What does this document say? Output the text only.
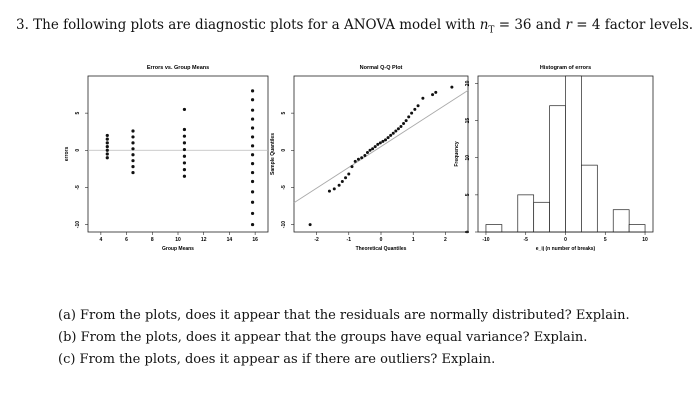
3. The following plots are diagnostic plots for a ANOVA model with $n_T = 36$ and r = 4 factor levels.
Errors vs. Group Means
Group Means
errors
4	6	8	10	12	14	16
-10
-5
0
5
Normal Q-Q Plot
Theoretical Quantiles
Sample Quantiles
-2	-1	0	1	2
-10
-5
0
5
Histogram of errors
e_ij (n number of breaks)
Frequency
-10	-5	0	5	10
0
5
10
15
20
(a) From the plots, does it appear that the residuals are normally distributed? Explain.
(b) From the plots, does it appear that the groups have equal variance? Explain.
(c) From the plots, does it appear as if there are outliers? Explain.
